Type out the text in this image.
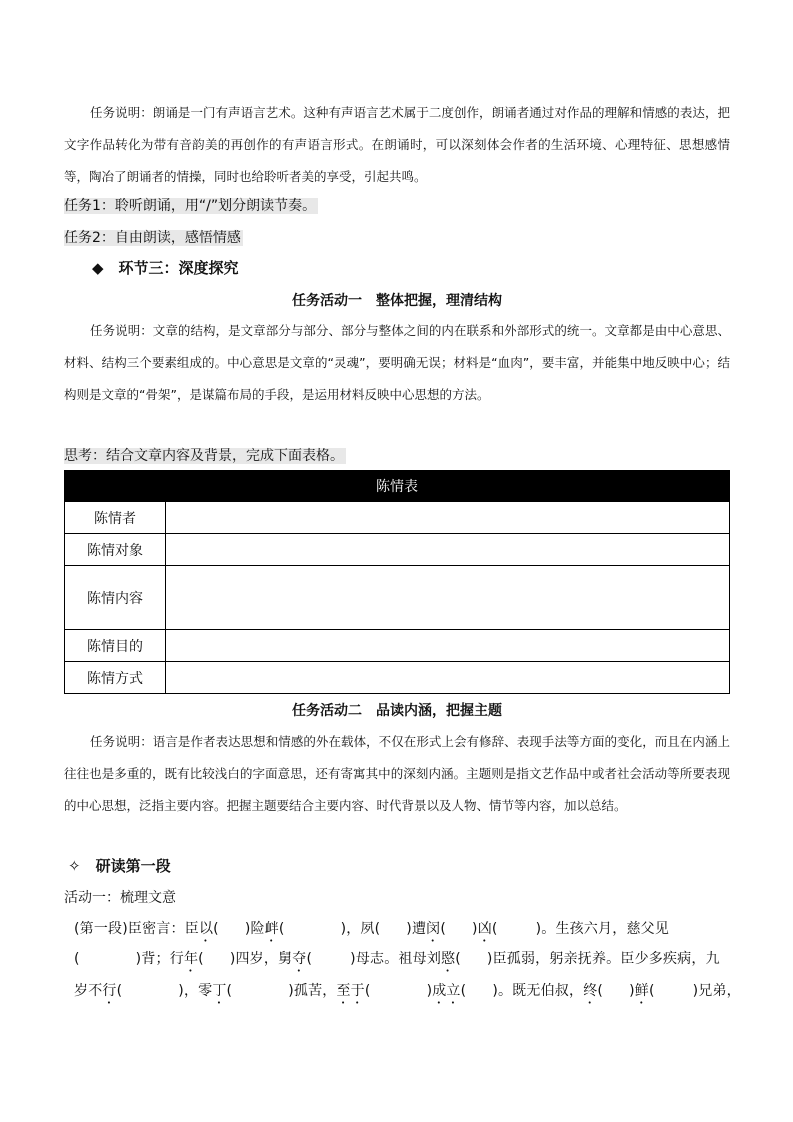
任务说明：朗诵是一门有声语言艺术。这种有声语言艺术属于二度创作，朗诵者通过对作品的理解和情感的表达，把文字作品转化为带有音韵美的再创作的有声语言形式。在朗诵时，可以深刻体会作者的生活环境、心理特征、思想感情等，陶冶了朗诵者的情操，同时也给聆听者美的享受，引起共鸣。
任务1：聆听朗诵，用“/”划分朗读节奏。
任务2：自由朗读，感悟情感
◆　环节三：深度探究
任务活动一　整体把握，理清结构
任务说明：文章的结构，是文章部分与部分、部分与整体之间的内在联系和外部形式的统一。文章都是由中心意思、材料、结构三个要素组成的。中心意思是文章的“灵魂”，要明确无误；材料是“血肉”，要丰富，并能集中地反映中心；结构则是文章的“骨架”，是谋篇布局的手段，是运用材料反映中心思想的方法。
思考：结合文章内容及背景，完成下面表格。
陈情表	
陈情者	
陈情对象	
陈情内容	
陈情目的	
陈情方式	
任务活动二　品读内涵，把握主题
任务说明：语言是作者表达思想和情感的外在载体，不仅在形式上会有修辞、表现手法等方面的变化，而且在内涵上往往也是多重的，既有比较浅白的字面意思，还有寄寓其中的深刻内涵。主题则是指文艺作品中或者社会活动等所要表现的中心思想，泛指主要内容。把握主题要结合主要内容、时代背景以及人物、情节等内容，加以总结。
✧　研读第一段
活动一：梳理文意
(第一段)臣密言：臣以( )险衅(	)，夙( )遭闵( )凶(	)。生孩六月，慈父见
(	)背；行年( )四岁，舅夺(	)母志。祖母刘愍( )臣孤弱，躬亲抚养。臣少多疾病，九
岁不行(	)，零丁(	)孤苦，至于(	)成立( )。既无伯叔，终( )鲜(	)兄弟，
